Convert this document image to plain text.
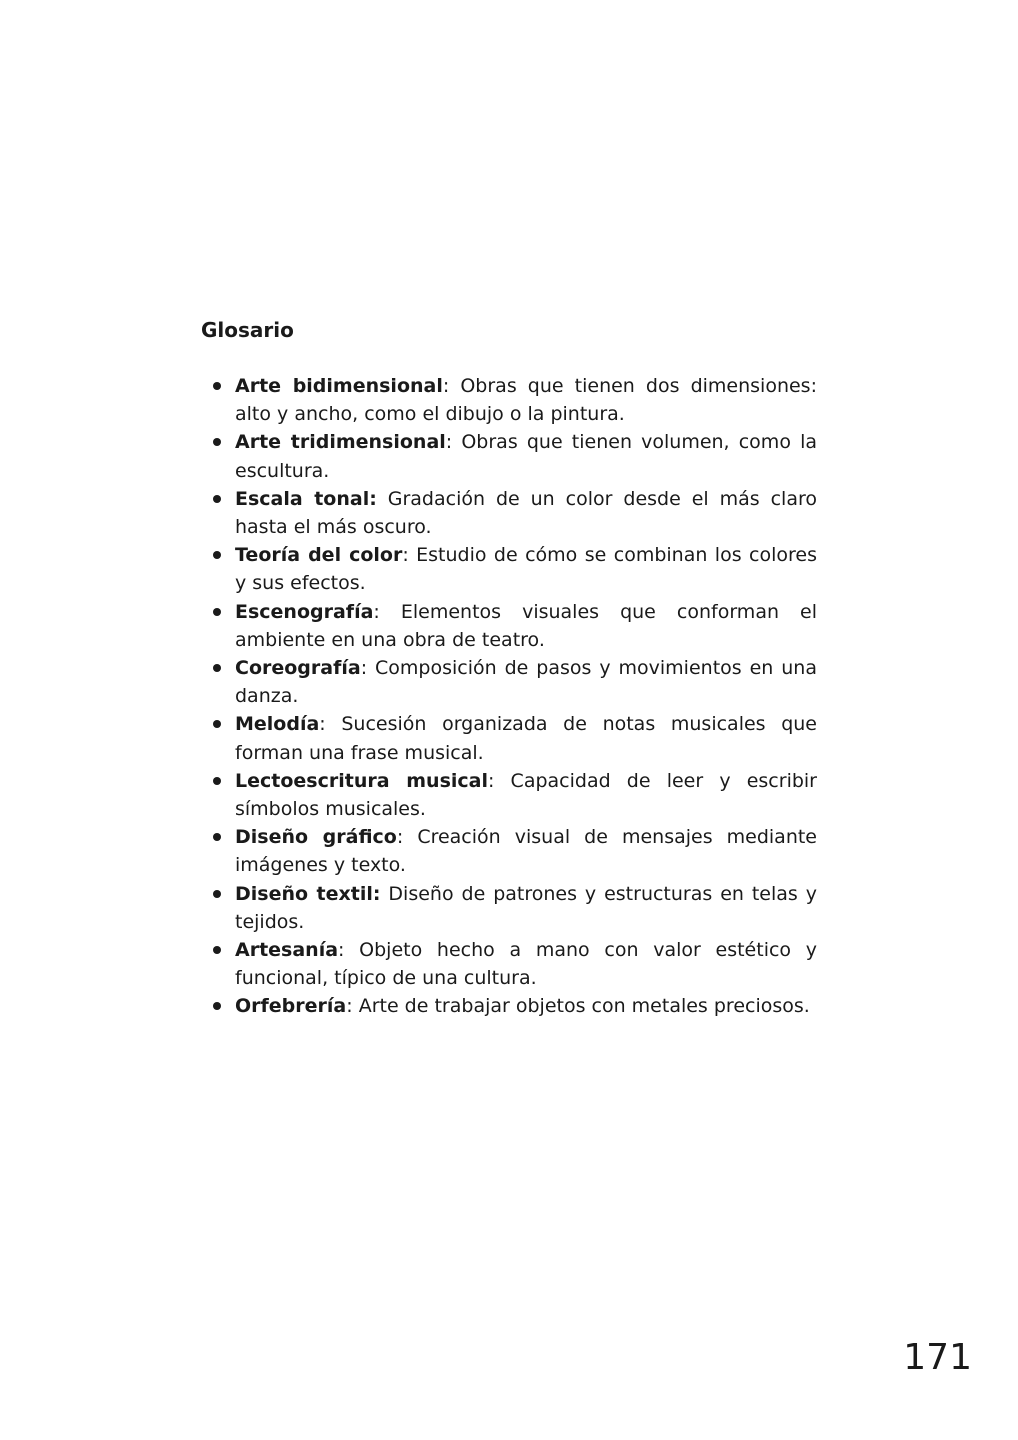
Glosario
Arte bidimensional: Obras que tienen dos dimensiones: alto y ancho, como el dibujo o la pintura.
Arte tridimensional: Obras que tienen volumen, como la escultura.
Escala tonal: Gradación de un color desde el más claro hasta el más oscuro.
Teoría del color: Estudio de cómo se combinan los colores y sus efectos.
Escenografía: Elementos visuales que conforman el ambiente en una obra de teatro.
Coreografía: Composición de pasos y movimientos en una danza.
Melodía: Sucesión organizada de notas musicales que forman una frase musical.
Lectoescritura musical: Capacidad de leer y escribir símbolos musicales.
Diseño gráfico: Creación visual de mensajes mediante imágenes y texto.
Diseño textil: Diseño de patrones y estructuras en telas y tejidos.
Artesanía: Objeto hecho a mano con valor estético y funcional, típico de una cultura.
Orfebrería: Arte de trabajar objetos con metales preciosos.
171
